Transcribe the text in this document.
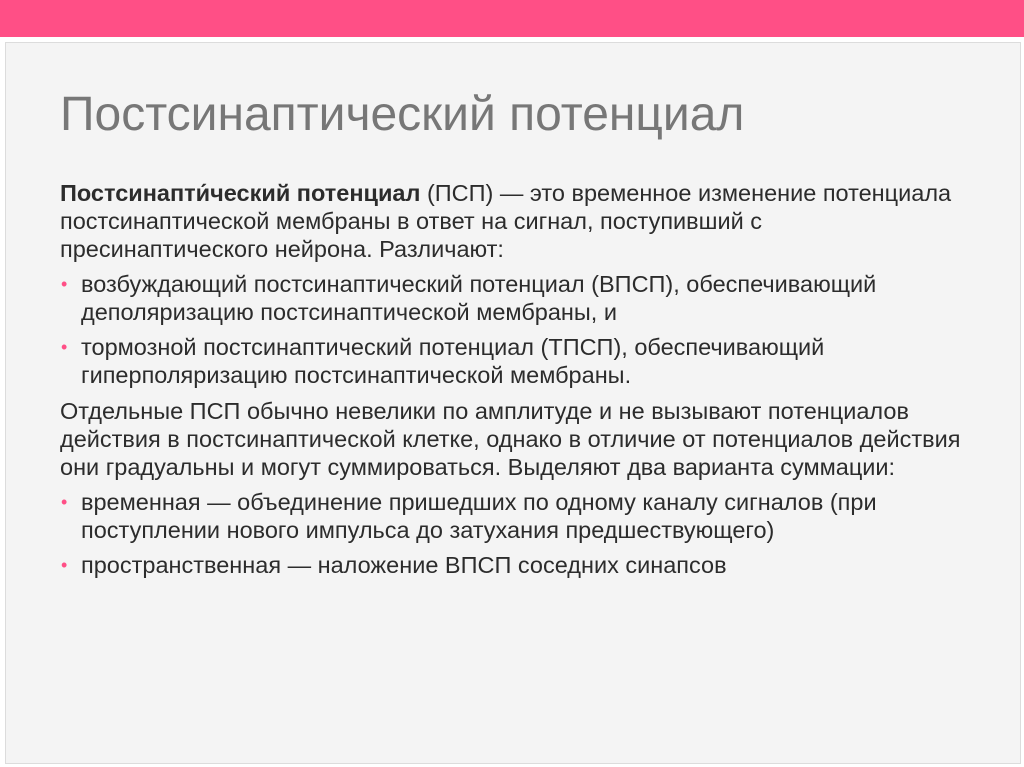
Постсинаптический потенциал

Постсинапти́ческий потенциал (ПСП) — это временное изменение потенциала постсинаптической мембраны в ответ на сигнал, поступивший с пресинаптического нейрона. Различают:

• возбуждающий постсинаптический потенциал (ВПСП), обеспечивающий деполяризацию постсинаптической мембраны, и
• тормозной постсинаптический потенциал (ТПСП), обеспечивающий гиперполяризацию постсинаптической мембраны.

Отдельные ПСП обычно невелики по амплитуде и не вызывают потенциалов действия в постсинаптической клетке, однако в отличие от потенциалов действия они градуальны и могут суммироваться. Выделяют два варианта суммации:

• временная — объединение пришедших по одному каналу сигналов (при поступлении нового импульса до затухания предшествующего)
• пространственная — наложение ВПСП соседних синапсов
